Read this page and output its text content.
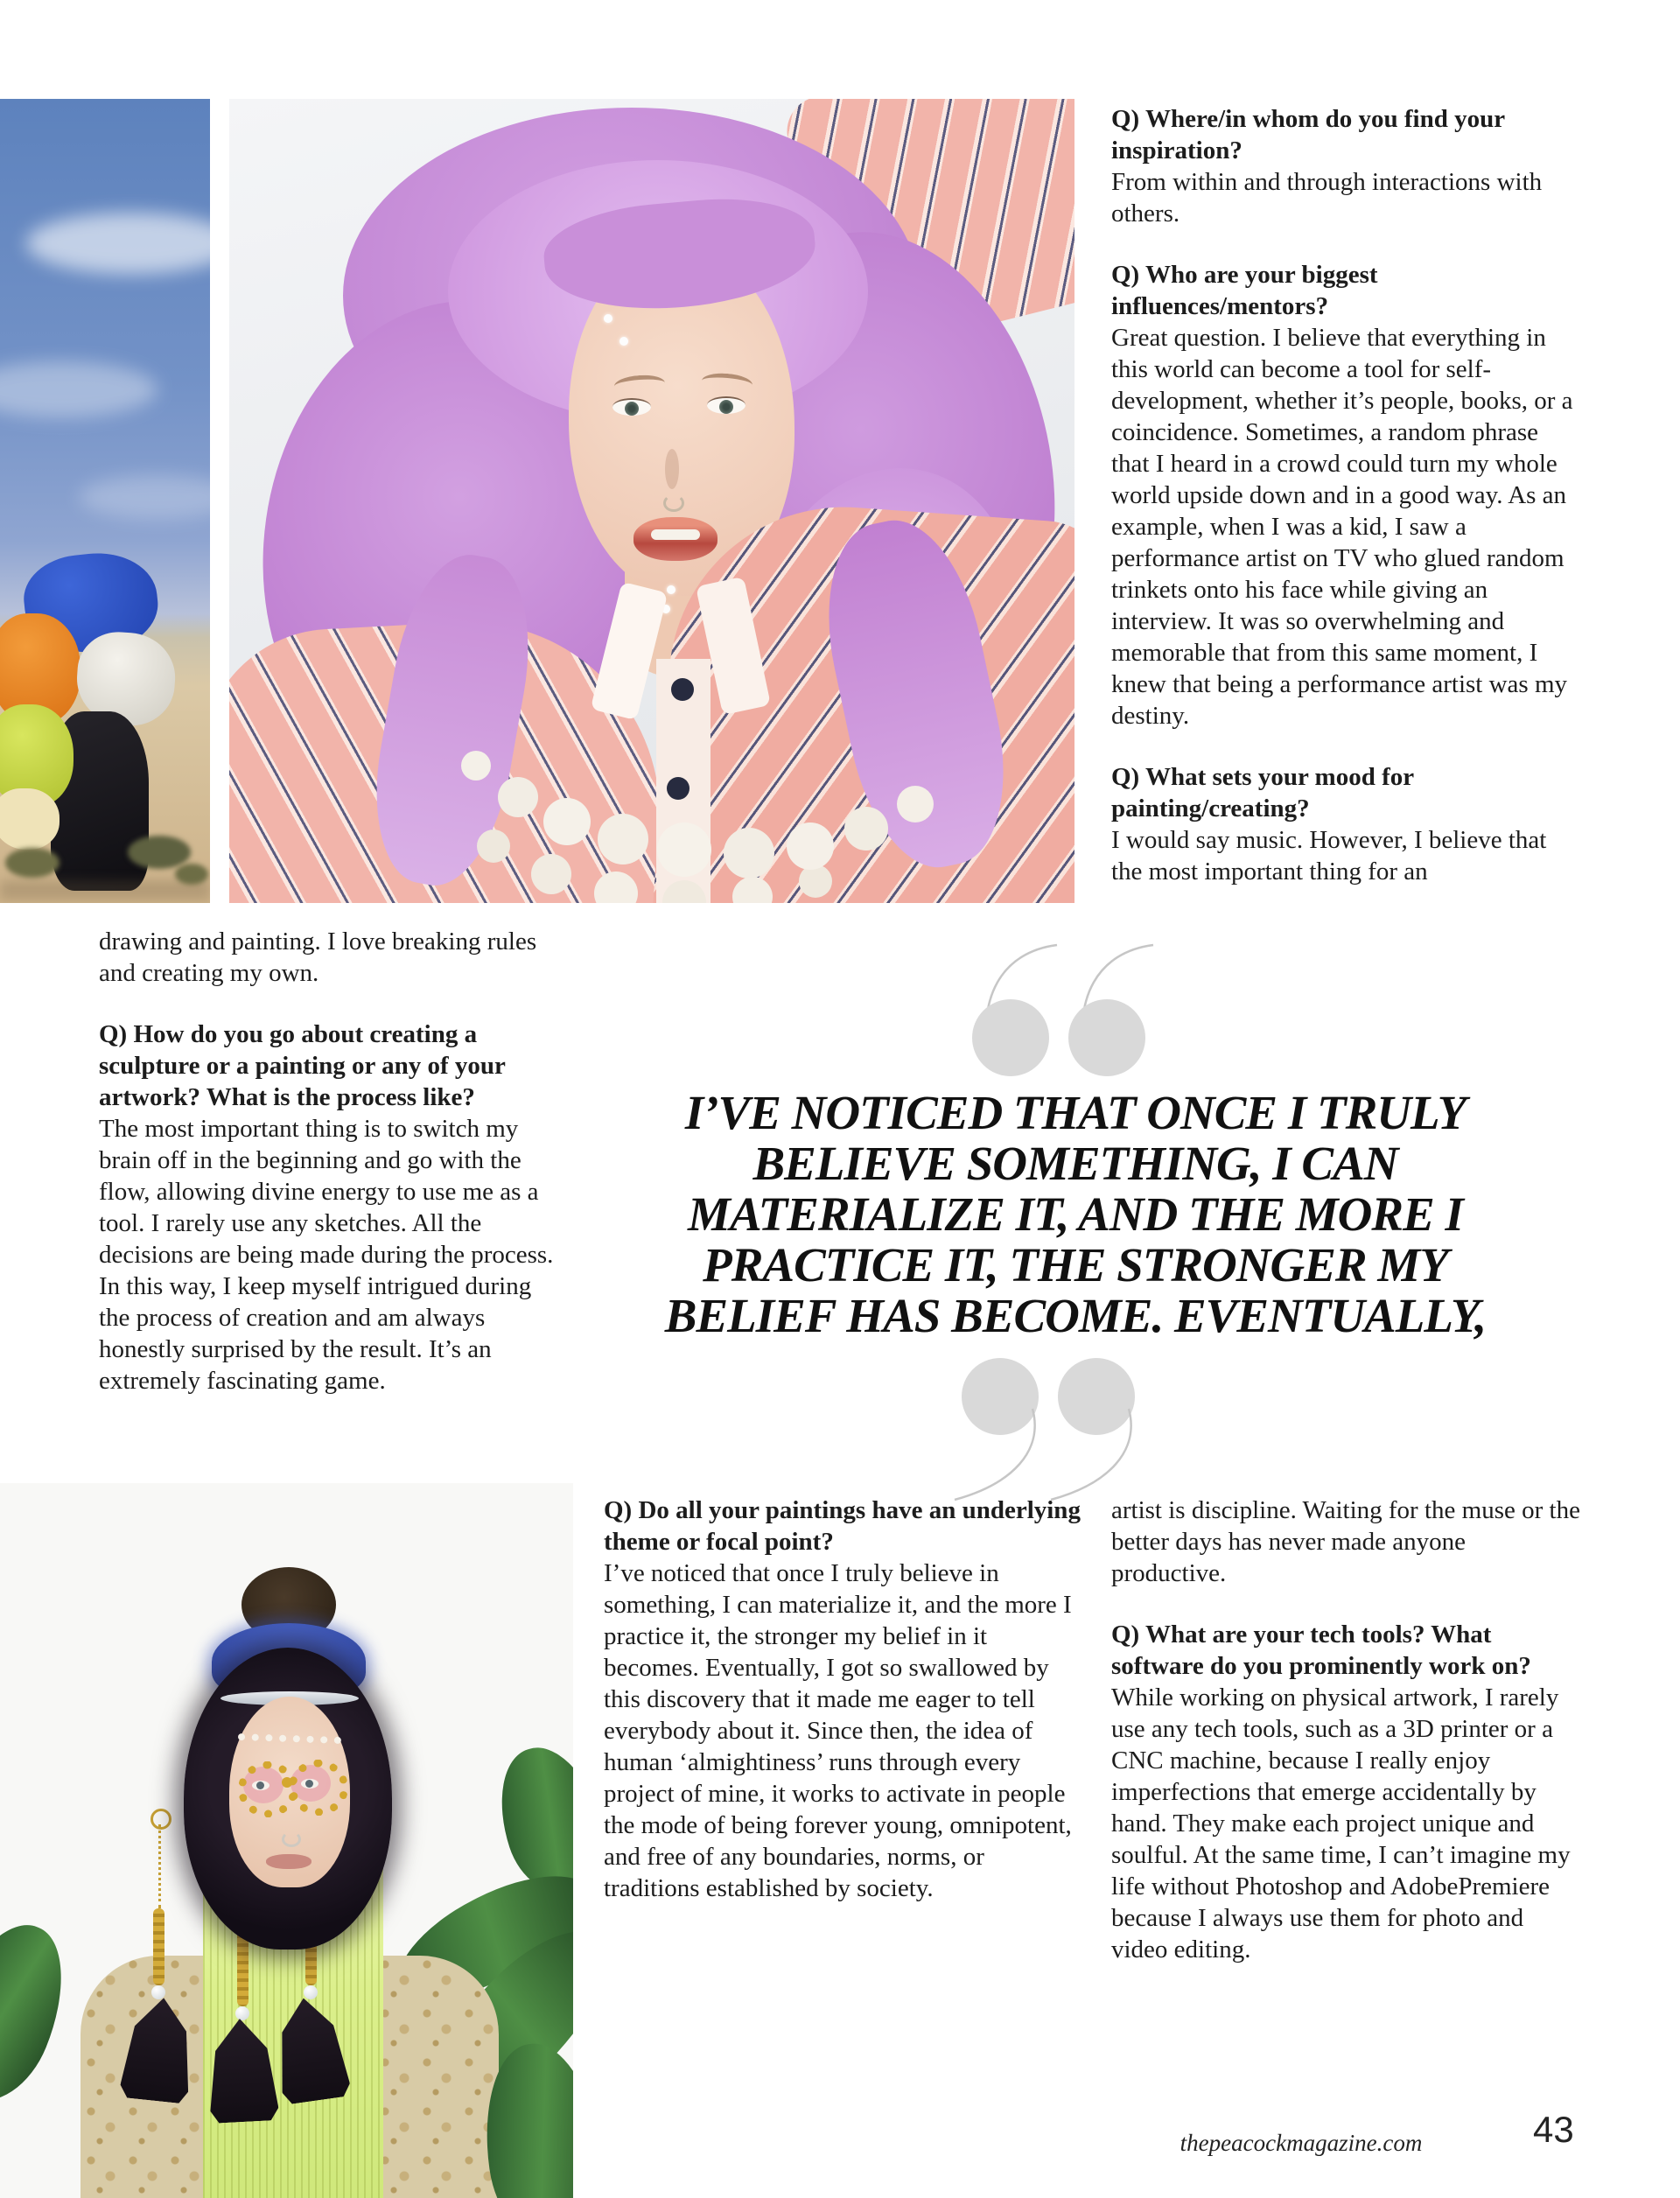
Q) Where/in whom do you find your inspiration?

From within and through interactions with others.

Q) Who are your biggest influences/mentors?

Great question. I believe that everything in this world can become a tool for self-development, whether it’s people, books, or a coincidence. Sometimes, a random phrase that I heard in a crowd could turn my whole world upside down and in a good way. As an example, when I was a kid, I saw a performance artist on TV who glued random trinkets onto his face while giving an interview. It was so overwhelming and memorable that from this same moment, I knew that being a performance artist was my destiny.

Q) What sets your mood for painting/creating?

I would say music. However, I believe that the most important thing for an

drawing and painting. I love breaking rules and creating my own.

Q) How do you go about creating a sculpture or a painting or any of your artwork? What is the process like?

The most important thing is to switch my brain off in the beginning and go with the flow, allowing divine energy to use me as a tool. I rarely use any sketches. All the decisions are being made during the process. In this way, I keep myself intrigued during the process of creation and am always honestly surprised by the result. It’s an extremely fascinating game.

I’VE NOTICED THAT ONCE I TRULY
BELIEVE SOMETHING, I CAN
MATERIALIZE IT, AND THE MORE I
PRACTICE IT, THE STRONGER MY
BELIEF HAS BECOME. EVENTUALLY,

Q) Do all your paintings have an underlying theme or focal point?

I’ve noticed that once I truly believe in something, I can materialize it, and the more I practice it, the stronger my belief in it becomes. Eventually, I got so swallowed by this discovery that it made me eager to tell everybody about it. Since then, the idea of human ‘almightiness’ runs through every project of mine, it works to activate in people the mode of being forever young, omnipotent, and free of any boundaries, norms, or traditions established by society.

artist is discipline. Waiting for the muse or the better days has never made anyone productive.

Q) What are your tech tools? What software do you prominently work on?

While working on physical artwork, I rarely use any tech tools, such as a 3D printer or a CNC machine, because I really enjoy imperfections that emerge accidentally by hand. They make each project unique and soulful. At the same time, I can’t imagine my life without Photoshop and AdobePremiere because I always use them for photo and video editing.

thepeacockmagazine.com	43
